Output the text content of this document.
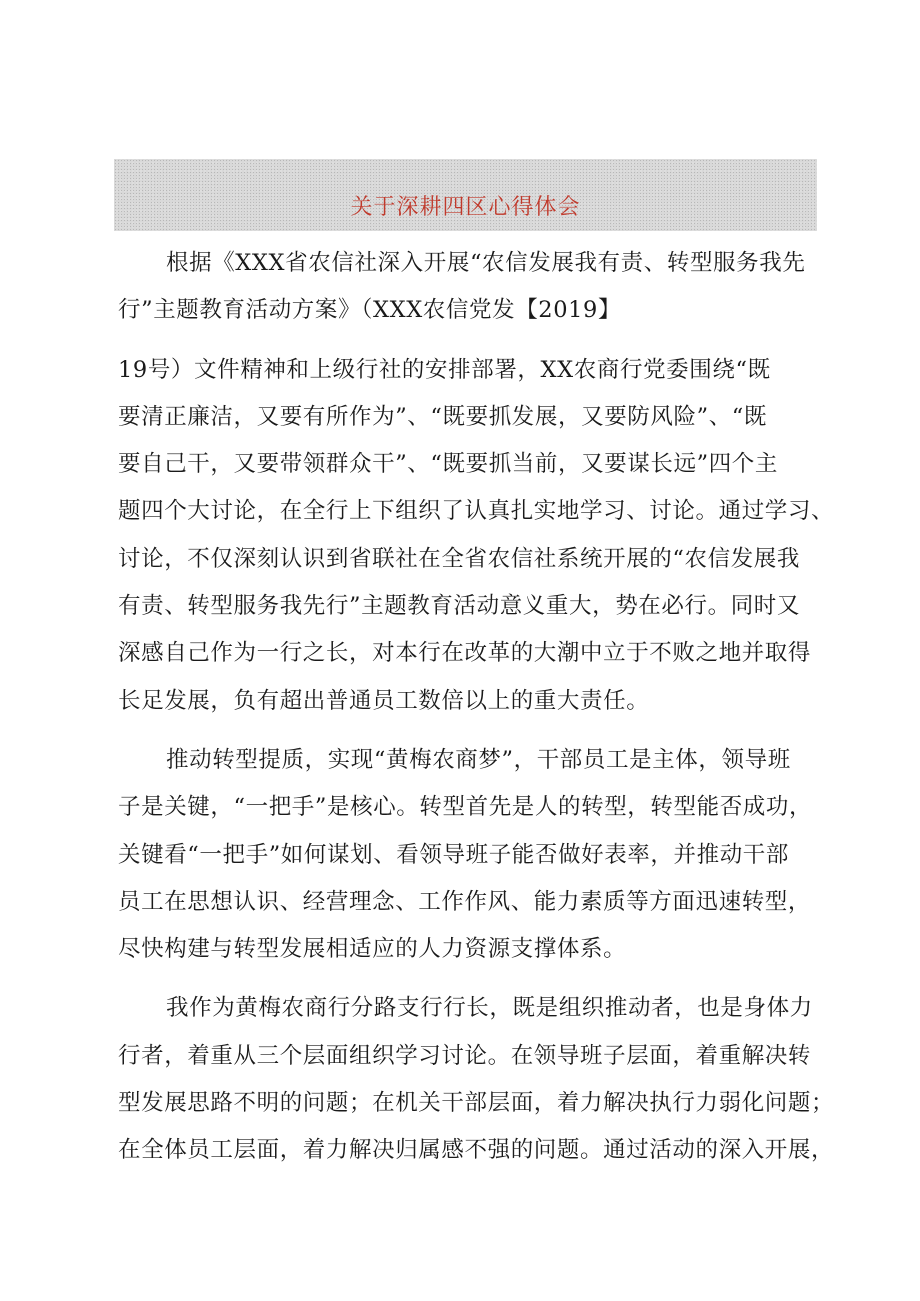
关于深耕四区心得体会
根据《XXX省农信社深入开展“农信发展我有责、转型服务我先
行”主题教育活动方案》（XXX农信党发【2019】
19号）文件精神和上级行社的安排部署，XX农商行党委围绕“既
要清正廉洁，又要有所作为”、“既要抓发展，又要防风险”、“既
要自己干，又要带领群众干”、“既要抓当前，又要谋长远”四个主
题四个大讨论，在全行上下组织了认真扎实地学习、讨论。通过学习、
讨论，不仅深刻认识到省联社在全省农信社系统开展的“农信发展我
有责、转型服务我先行”主题教育活动意义重大，势在必行。同时又
深感自己作为一行之长，对本行在改革的大潮中立于不败之地并取得
长足发展，负有超出普通员工数倍以上的重大责任。
推动转型提质，实现“黄梅农商梦”，干部员工是主体，领导班
子是关键，“一把手”是核心。转型首先是人的转型，转型能否成功，
关键看“一把手”如何谋划、看领导班子能否做好表率，并推动干部
员工在思想认识、经营理念、工作作风、能力素质等方面迅速转型，
尽快构建与转型发展相适应的人力资源支撑体系。
我作为黄梅农商行分路支行行长，既是组织推动者，也是身体力
行者，着重从三个层面组织学习讨论。在领导班子层面，着重解决转
型发展思路不明的问题；在机关干部层面，着力解决执行力弱化问题；
在全体员工层面，着力解决归属感不强的问题。通过活动的深入开展，
